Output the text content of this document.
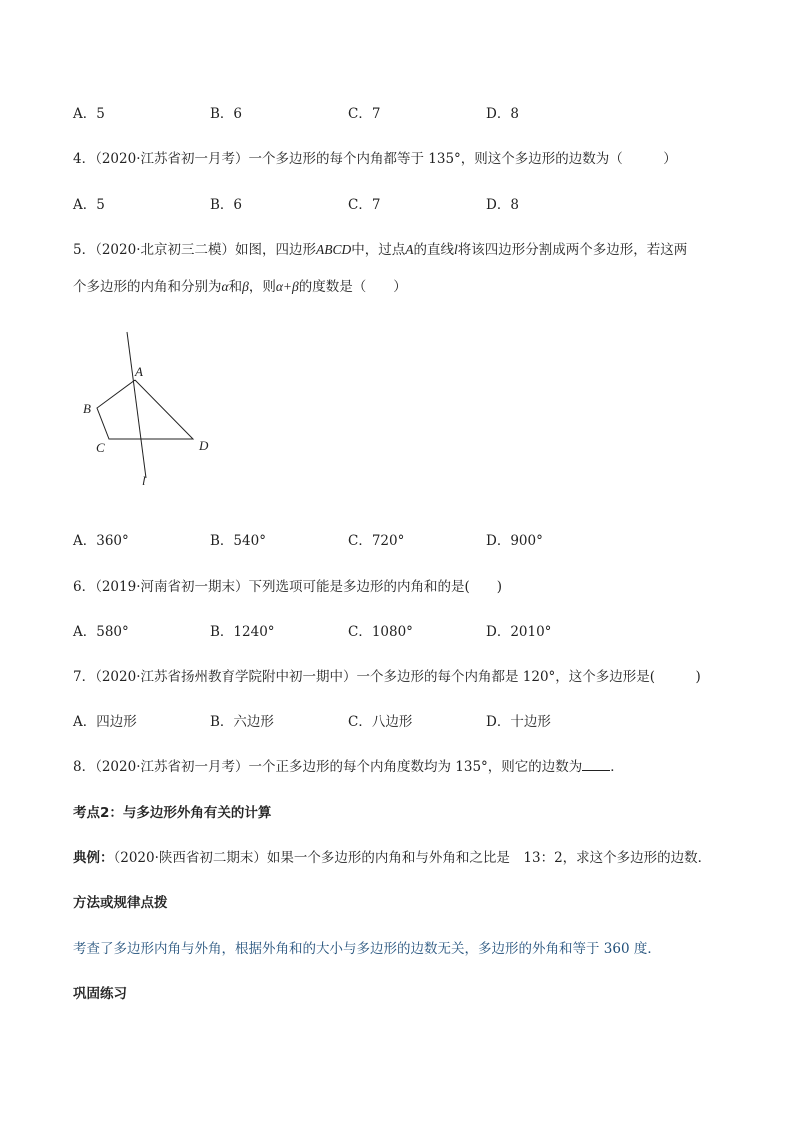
A．5	B．6	C．7	D．8
4．（2020·江苏省初一月考）一个多边形的每个内角都等于 135°，则这个多边形的边数为（　　　）
A．5	B．6	C．7	D．8
5．（2020·北京初三二模）如图，四边形ABCD中，过点A的直线l将该四边形分割成两个多边形，若这两
个多边形的内角和分别为α和β，则α+β的度数是（　　）
A
B
C	D
l
A．360°	B．540°	C．720°	D．900°
6．（2019·河南省初一期末）下列选项可能是多边形的内角和的是(　　)
A．580°	B．1240°	C．1080°	D．2010°
7．（2020·江苏省扬州教育学院附中初一期中）一个多边形的每个内角都是 120°，这个多边形是(　　　)
A．四边形	B．六边形	C．八边形	D．十边形
8．（2020·江苏省初一月考）一个正多边形的每个内角度数均为 135°，则它的边数为 ．
考点2：与多边形外角有关的计算
典例：（2020·陕西省初二期末）如果一个多边形的内角和与外角和之比是　13：2，求这个多边形的边数．
方法或规律点拨
考查了多边形内角与外角，根据外角和的大小与多边形的边数无关，多边形的外角和等于 360 度．
巩固练习
